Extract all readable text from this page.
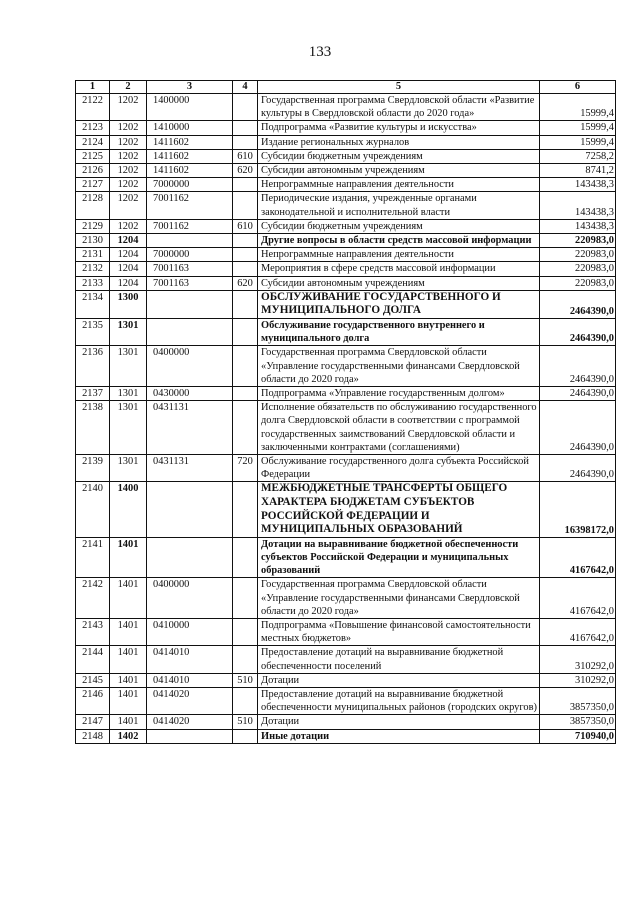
133
1	2	3	4	5	6
2122	1202	1400000		Государственная программа Свердловской области «Развитие культуры в Свердловской области до 2020 года»	15999,4
2123	1202	1410000		Подпрограмма «Развитие культуры и искусства»	15999,4
2124	1202	1411602		Издание региональных журналов	15999,4
2125	1202	1411602	610	Субсидии бюджетным учреждениям	7258,2
2126	1202	1411602	620	Субсидии автономным учреждениям	8741,2
2127	1202	7000000		Непрограммные направления деятельности	143438,3
2128	1202	7001162		Периодические издания, учрежденные органами законодательной и исполнительной власти	143438,3
2129	1202	7001162	610	Субсидии бюджетным учреждениям	143438,3
2130	1204			Другие вопросы в области средств массовой информации	220983,0
2131	1204	7000000		Непрограммные направления деятельности	220983,0
2132	1204	7001163		Мероприятия в сфере средств массовой информации	220983,0
2133	1204	7001163	620	Субсидии автономным учреждениям	220983,0
2134	1300			ОБСЛУЖИВАНИЕ ГОСУДАРСТВЕННОГО И МУНИЦИПАЛЬНОГО ДОЛГА	2464390,0
2135	1301			Обслуживание государственного внутреннего и муниципального долга	2464390,0
2136	1301	0400000		Государственная программа Свердловской области «Управление государственными финансами Свердловской области до 2020 года»	2464390,0
2137	1301	0430000		Подпрограмма «Управление государственным долгом»	2464390,0
2138	1301	0431131		Исполнение обязательств по обслуживанию государственного долга Свердловской области в соответствии с программой государственных заимствований Свердловской области и заключенными контрактами (соглашениями)	2464390,0
2139	1301	0431131	720	Обслуживание государственного долга субъекта Российской Федерации	2464390,0
2140	1400			МЕЖБЮДЖЕТНЫЕ ТРАНСФЕРТЫ ОБЩЕГО ХАРАКТЕРА БЮДЖЕТАМ СУБЪЕКТОВ РОССИЙСКОЙ ФЕДЕРАЦИИ И МУНИЦИПАЛЬНЫХ ОБРАЗОВАНИЙ	16398172,0
2141	1401			Дотации на выравнивание бюджетной обеспеченности субъектов Российской Федерации и муниципальных образований	4167642,0
2142	1401	0400000		Государственная программа Свердловской области «Управление государственными финансами Свердловской области до 2020 года»	4167642,0
2143	1401	0410000		Подпрограмма «Повышение финансовой самостоятельности местных бюджетов»	4167642,0
2144	1401	0414010		Предоставление дотаций на выравнивание бюджетной обеспеченности поселений	310292,0
2145	1401	0414010	510	Дотации	310292,0
2146	1401	0414020		Предоставление дотаций на выравнивание бюджетной обеспеченности муниципальных районов (городских округов)	3857350,0
2147	1401	0414020	510	Дотации	3857350,0
2148	1402			Иные дотации	710940,0
